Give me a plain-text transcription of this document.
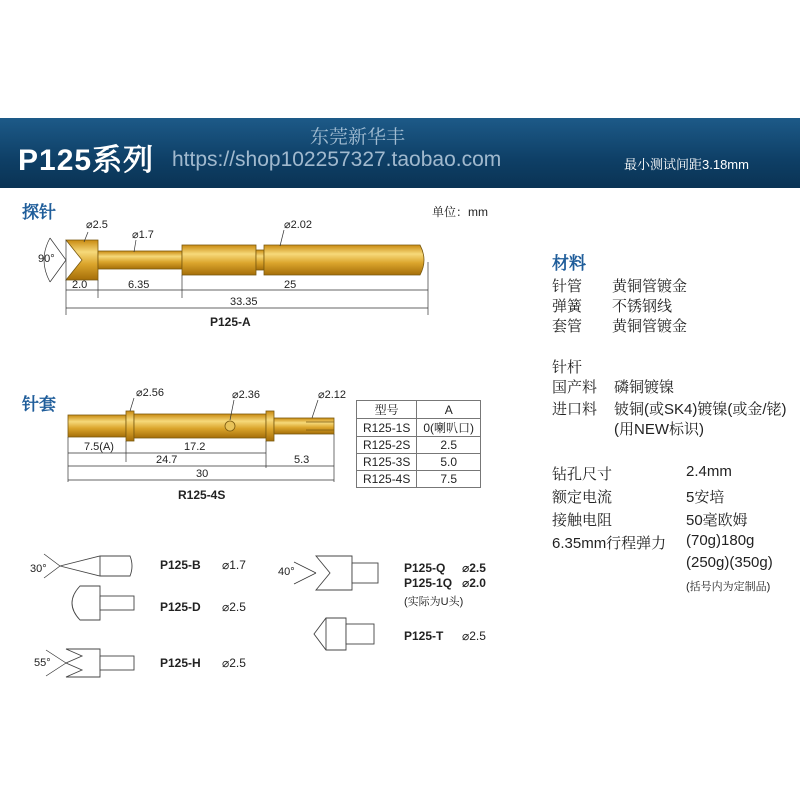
P125系列
东莞新华丰
https://shop102257327.taobao.com	最小测试间距3.18mm
探针	单位：mm
90°
⌀2.5
⌀1.7
⌀2.02
2.0	6.35	25
33.35
P125-A
针套
⌀2.56	⌀2.36	⌀2.12
7.5(A)	17.2
24.7	5.3
30
R125-4S
型号	A
R125-1S	0(喇叭口)
R125-2S	2.5
R125-3S	5.0
R125-4S	7.5
材料
针管 黄铜管镀金
弹簧 不锈钢线
套管 黄铜管镀金
针杆
国产料 磷铜镀镍
进口料 铍铜(或SK4)镀镍(或金/铑)
(用NEW标识)
钻孔尺寸	2.4mm
额定电流	5安培
接触电阻	50毫欧姆
6.35mm行程弹力 (70g)180g
(250g)(350g)
(括号内为定制品)
30°	P125-B ⌀1.7
P125-D ⌀2.5
55°	P125-H ⌀2.5
40°	P125-Q ⌀2.5
P125-1Q ⌀2.0
(实际为U头)
P125-T ⌀2.5
